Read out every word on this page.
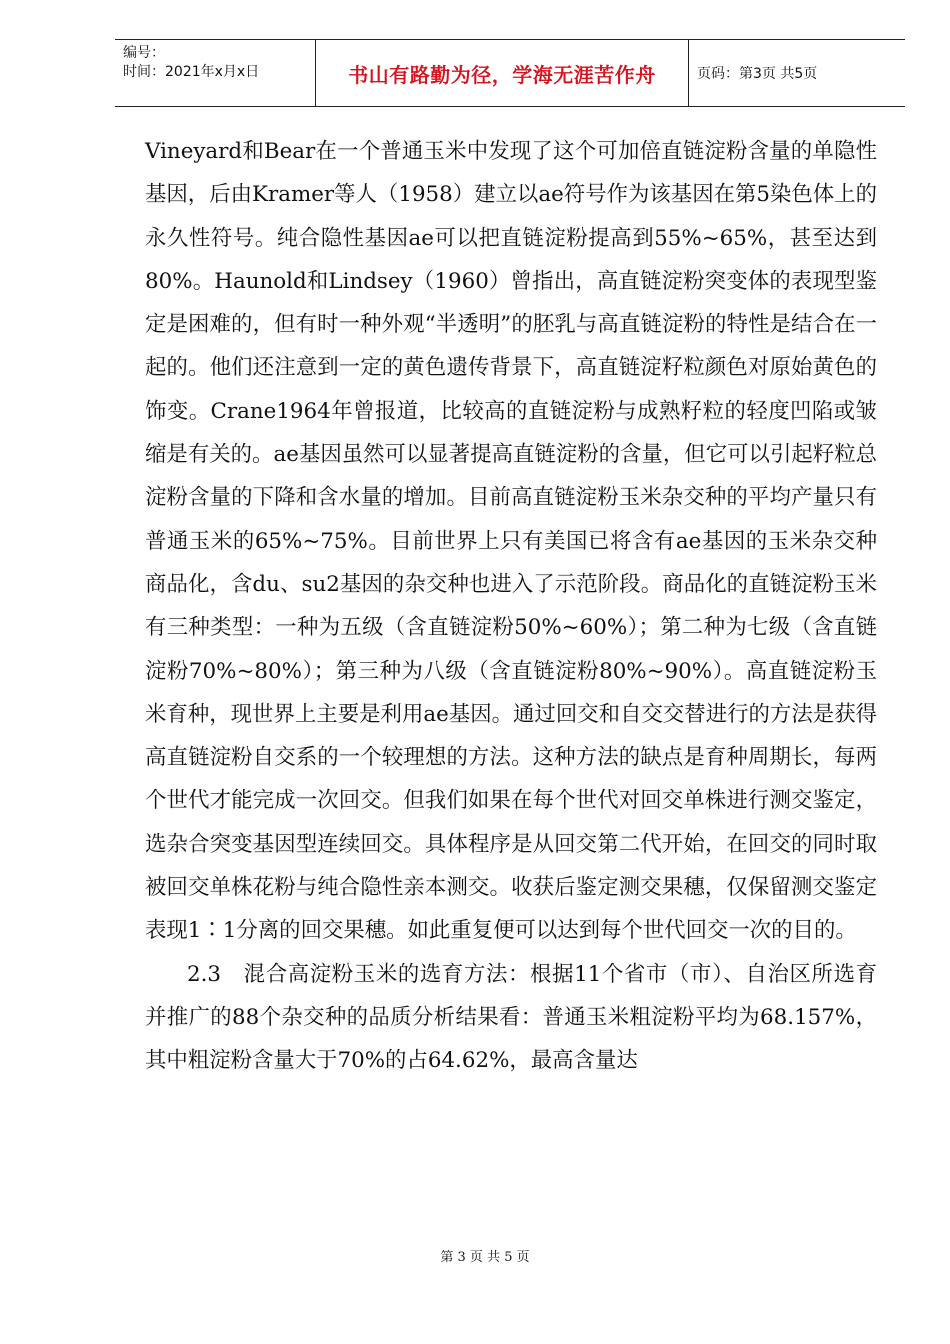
编号：
时间：2021年x月x日	书山有路勤为径，学海无涯苦作舟	页码：第3页 共5页

Vineyard和Bear在一个普通玉米中发现了这个可加倍直链淀粉含量的单隐性基因，后由Kramer等人（1958）建立以ae符号作为该基因在第5染色体上的永久性符号。纯合隐性基因ae可以把直链淀粉提高到55%~65%，甚至达到80%。Haunold和Lindsey（1960）曾指出，高直链淀粉突变体的表现型鉴定是困难的，但有时一种外观“半透明”的胚乳与高直链淀粉的特性是结合在一起的。他们还注意到一定的黄色遗传背景下，高直链淀籽粒颜色对原始黄色的饰变。Crane1964年曾报道，比较高的直链淀粉与成熟籽粒的轻度凹陷或皱缩是有关的。ae基因虽然可以显著提高直链淀粉的含量，但它可以引起籽粒总淀粉含量的下降和含水量的增加。目前高直链淀粉玉米杂交种的平均产量只有普通玉米的65%~75%。目前世界上只有美国已将含有ae基因的玉米杂交种商品化，含du、su2基因的杂交种也进入了示范阶段。商品化的直链淀粉玉米有三种类型：一种为五级（含直链淀粉50%~60%）；第二种为七级（含直链淀粉70%~80%）；第三种为八级（含直链淀粉80%~90%）。高直链淀粉玉米育种，现世界上主要是利用ae基因。通过回交和自交交替进行的方法是获得高直链淀粉自交系的一个较理想的方法。这种方法的缺点是育种周期长，每两个世代才能完成一次回交。但我们如果在每个世代对回交单株进行测交鉴定，选杂合突变基因型连续回交。具体程序是从回交第二代开始，在回交的同时取被回交单株花粉与纯合隐性亲本测交。收获后鉴定测交果穗，仅保留测交鉴定表现1∶1分离的回交果穗。如此重复便可以达到每个世代回交一次的目的。

2.3　混合高淀粉玉米的选育方法：根据11个省市（市）、自治区所选育并推广的88个杂交种的品质分析结果看：普通玉米粗淀粉平均为68.157%，其中粗淀粉含量大于70%的占64.62%，最高含量达

第 3 页 共 5 页
